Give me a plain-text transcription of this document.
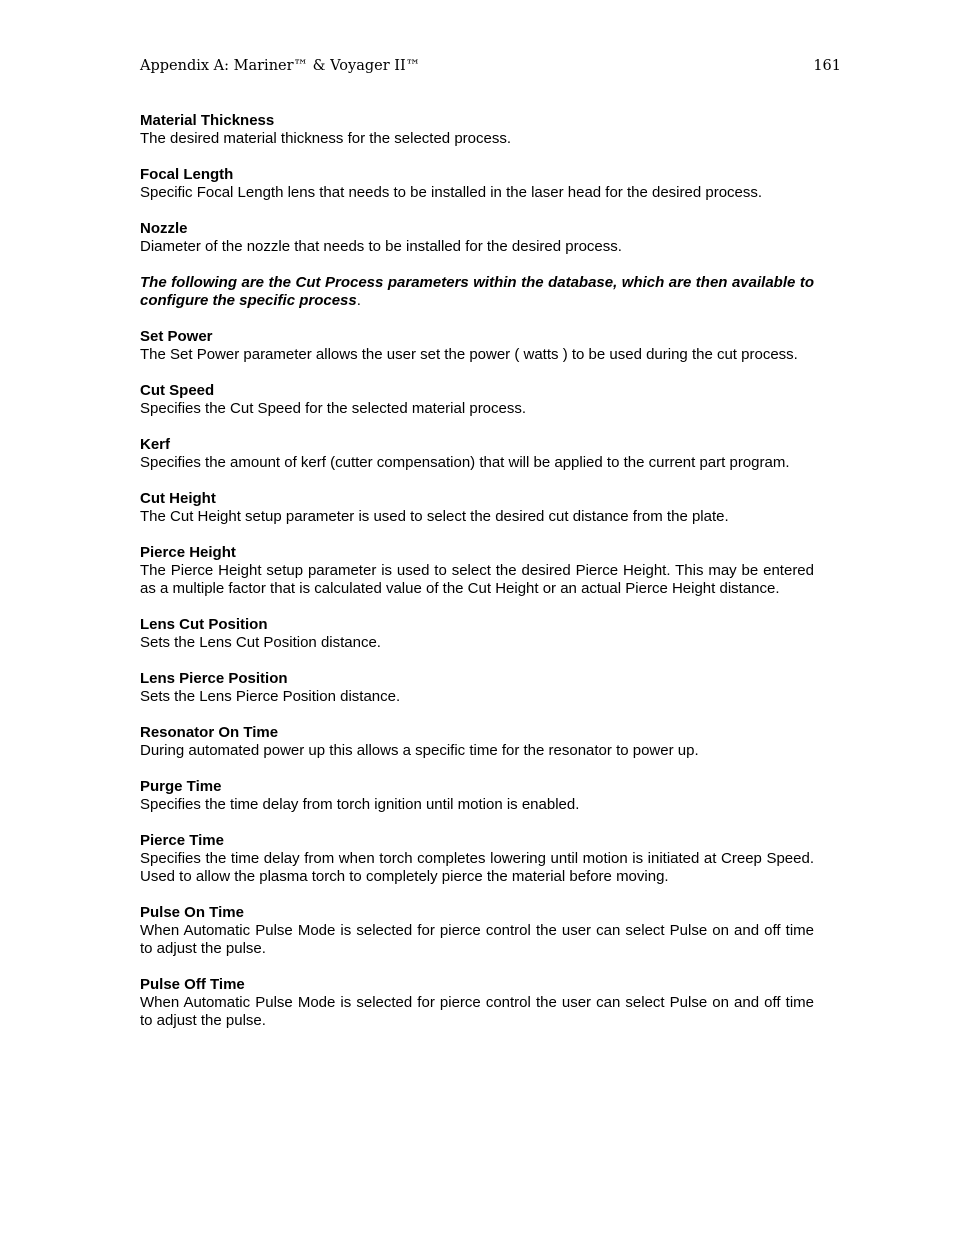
Appendix A: Mariner™ & Voyager II™	161
Material Thickness
The desired material thickness for the selected process.
Focal Length
Specific Focal Length lens that needs to be installed in the laser head for the desired process.
Nozzle
Diameter of the nozzle that needs to be installed for the desired process.

The following are the Cut Process parameters within the database, which are then available to configure the specific process.

Set Power
The Set Power parameter allows the user set the power ( watts ) to be used during the cut process.
Cut Speed
Specifies the Cut Speed for the selected material process.
Kerf
Specifies the amount of kerf (cutter compensation) that will be applied to the current part program.
Cut Height
The Cut Height setup parameter is used to select the desired cut distance from the plate.
Pierce Height
The Pierce Height setup parameter is used to select the desired Pierce Height. This may be entered as a multiple factor that is calculated value of the Cut Height or an actual Pierce Height distance.
Lens Cut Position
Sets the Lens Cut Position distance.
Lens Pierce Position
Sets the Lens Pierce Position distance.
Resonator On Time
During automated power up this allows a specific time for the resonator to power up.
Purge Time
Specifies the time delay from torch ignition until motion is enabled.
Pierce Time
Specifies the time delay from when torch completes lowering until motion is initiated at Creep Speed. Used to allow the plasma torch to completely pierce the material before moving.
Pulse On Time
When Automatic Pulse Mode is selected for pierce control the user can select Pulse on and off time to adjust the pulse.
Pulse Off Time
When Automatic Pulse Mode is selected for pierce control the user can select Pulse on and off time to adjust the pulse.
